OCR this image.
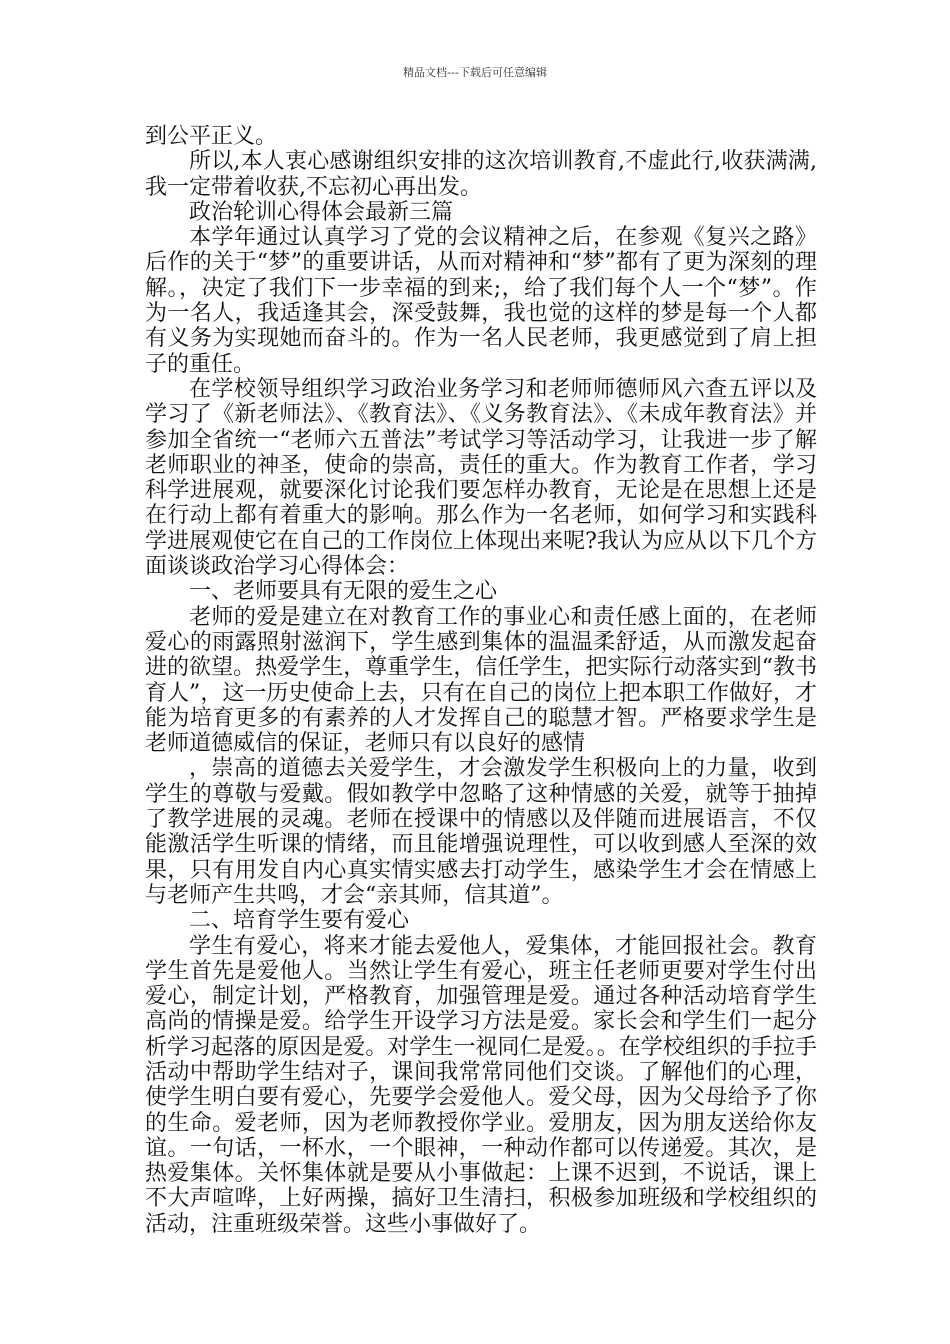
精品文档---下载后可任意编辑

到公平正义。

所以,本人衷心感谢组织安排的这次培训教育,不虚此行,收获满满,我一定带着收获,不忘初心再出发。

政治轮训心得体会最新三篇

本学年通过认真学习了党的会议精神之后，在参观《复兴之路》后作的关于“梦”的重要讲话，从而对精神和“梦”都有了更为深刻的理解。，决定了我们下一步幸福的到来;，给了我们每个人一个“梦”。作为一名人，我适逢其会，深受鼓舞，我也觉的这样的梦是每一个人都有义务为实现她而奋斗的。作为一名人民老师，我更感觉到了肩上担子的重任。

在学校领导组织学习政治业务学习和老师师德师风六查五评以及学习了《新老师法》、《教育法》、《义务教育法》、《未成年教育法》并参加全省统一“老师六五普法”考试学习等活动学习，让我进一步了解老师职业的神圣，使命的崇高，责任的重大。作为教育工作者，学习科学进展观，就要深化讨论我们要怎样办教育，无论是在思想上还是在行动上都有着重大的影响。那么作为一名老师，如何学习和实践科学进展观使它在自己的工作岗位上体现出来呢?我认为应从以下几个方面谈谈政治学习心得体会：

一、老师要具有无限的爱生之心

老师的爱是建立在对教育工作的事业心和责任感上面的，在老师爱心的雨露照射滋润下，学生感到集体的温温柔舒适，从而激发起奋进的欲望。热爱学生，尊重学生，信任学生，把实际行动落实到“教书育人”，这一历史使命上去，只有在自己的岗位上把本职工作做好，才能为培育更多的有素养的人才发挥自己的聪慧才智。严格要求学生是老师道德威信的保证，老师只有以良好的感情

，崇高的道德去关爱学生，才会激发学生积极向上的力量，收到学生的尊敬与爱戴。假如教学中忽略了这种情感的关爱，就等于抽掉了教学进展的灵魂。老师在授课中的情感以及伴随而进展语言，不仅能激活学生听课的情绪，而且能增强说理性，可以收到感人至深的效果，只有用发自内心真实情实感去打动学生，感染学生才会在情感上与老师产生共鸣，才会“亲其师，信其道”。

二、培育学生要有爱心

学生有爱心，将来才能去爱他人，爱集体，才能回报社会。教育学生首先是爱他人。当然让学生有爱心，班主任老师更要对学生付出爱心，制定计划，严格教育，加强管理是爱。通过各种活动培育学生高尚的情操是爱。给学生开设学习方法是爱。家长会和学生们一起分析学习起落的原因是爱。对学生一视同仁是爱。。在学校组织的手拉手活动中帮助学生结对子，课间我常常同他们交谈。了解他们的心理，使学生明白要有爱心，先要学会爱他人。爱父母，因为父母给予了你的生命。爱老师，因为老师教授你学业。爱朋友，因为朋友送给你友谊。一句话，一杯水，一个眼神，一种动作都可以传递爱。其次，是热爱集体。关怀集体就是要从小事做起：上课不迟到，不说话，课上不大声喧哗，上好两操，搞好卫生清扫，积极参加班级和学校组织的活动，注重班级荣誉。这些小事做好了。
